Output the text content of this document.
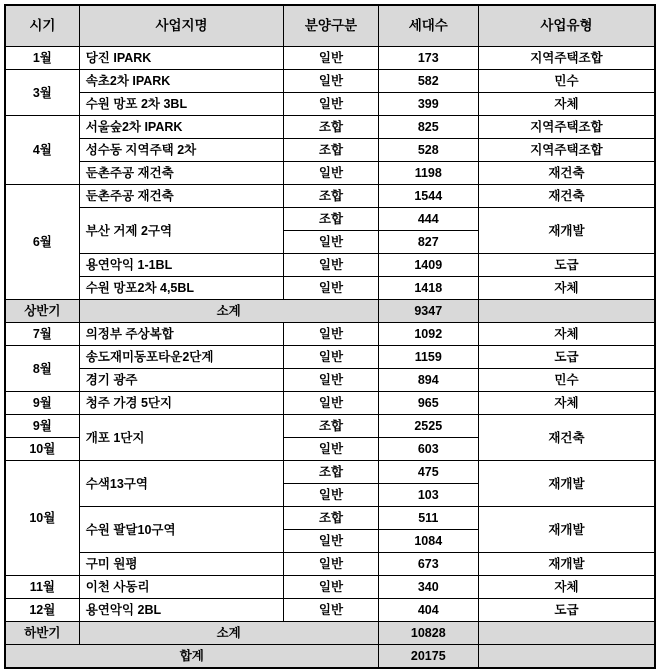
시기	사업지명	분양구분	세대수	사업유형
1월	당진 IPARK	일반	173	지역주택조합
3월	속초2차 IPARK	일반	582	민수
	수원 망포 2차 3BL	일반	399	자체
4월	서울숲2차 IPARK	조합	825	지역주택조합
	성수동 지역주택 2차	조합	528	지역주택조합
	둔촌주공 재건축	일반	1198	재건축
6월	둔촌주공 재건축	조합	1544	재건축
	부산 거제 2구역	조합	444	재개발
		일반	827	
	용연악익 1-1BL	일반	1409	도급
	수원 망포2차 4,5BL	일반	1418	자체
상반기	소계		9347	
7월	의정부 주상복합	일반	1092	자체
8월	송도재미동포타운2단계	일반	1159	도급
	경기 광주	일반	894	민수
9월	청주 가경 5단지	일반	965	자체
9월	개포 1단지	조합	2525	재건축
10월		일반	603	
10월	수색13구역	조합	475	재개발
		일반	103	
	수원 팔달10구역	조합	511	재개발
		일반	1084	
	구미 원평	일반	673	재개발
11월	이천 사동리	일반	340	자체
12월	용연악익 2BL	일반	404	도급
하반기	소계		10828	
합계			20175	
